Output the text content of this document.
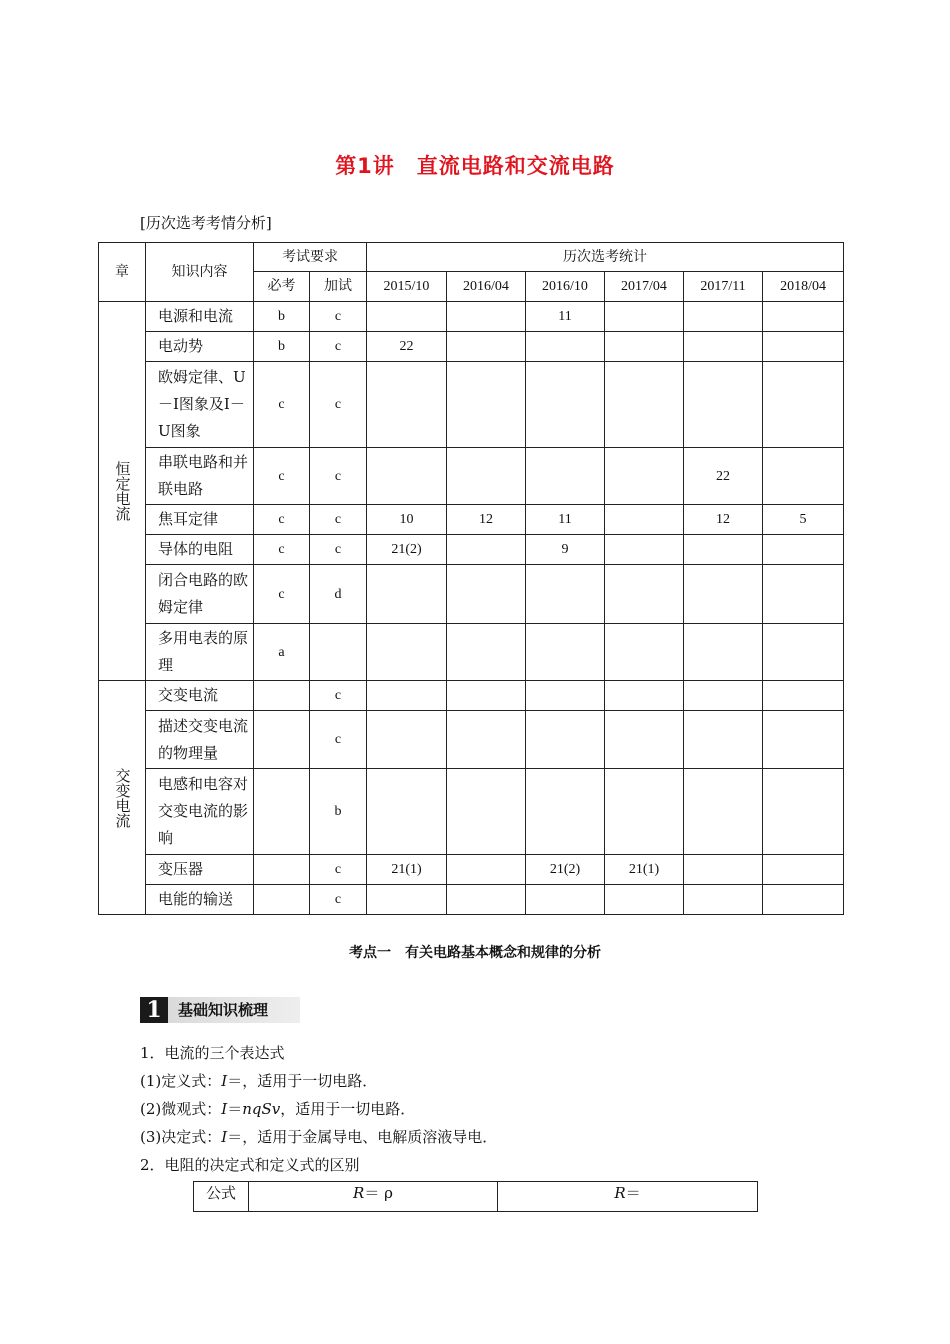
第1讲　直流电路和交流电路
[历次选考考情分析]
章	知识内容	考试要求		历次选考统计					
		必考	加试	2015/10	2016/04	2016/10	2017/04	2017/11	2018/04
恒定电流	电源和电流	b	c			11			
	电动势	b	c	22					
	欧姆定律、U－I图象及I－U图象	c	c						
	串联电路和并联电路	c	c					22	
	焦耳定律	c	c	10	12	11		12	5
	导体的电阻	c	c	21(2)		9			
	闭合电路的欧姆定律	c	d						
	多用电表的原理	a							
交变电流	交变电流		c						
	描述交变电流的物理量		c						
	电感和电容对交变电流的影响		b						
	变压器		c	21(1)		21(2)	21(1)		
	电能的输送		c						
考点一　有关电路基本概念和规律的分析
1	基础知识梳理
1．电流的三个表达式
(1)定义式：I＝，适用于一切电路．
(2)微观式：I＝nqSv，适用于一切电路．
(3)决定式：I＝，适用于金属导电、电解质溶液导电．
2．电阻的决定式和定义式的区别
公式	R＝ ρ	R＝
